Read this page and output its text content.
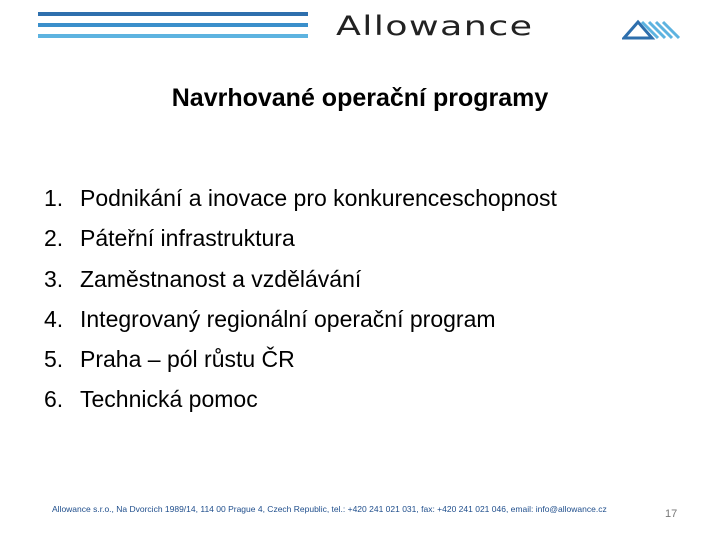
Allowance
Navrhované operační programy
1. Podnikání a inovace pro konkurenceschopnost
2. Páteřní infrastruktura
3. Zaměstnanost a vzdělávání
4. Integrovaný regionální operační program
5. Praha – pól růstu ČR
6. Technická pomoc
Allowance s.r.o., Na Dvorcich 1989/14, 114 00 Prague 4, Czech Republic, tel.: +420 241 021 031, fax: +420 241 021 046, email: info@allowance.cz	17
